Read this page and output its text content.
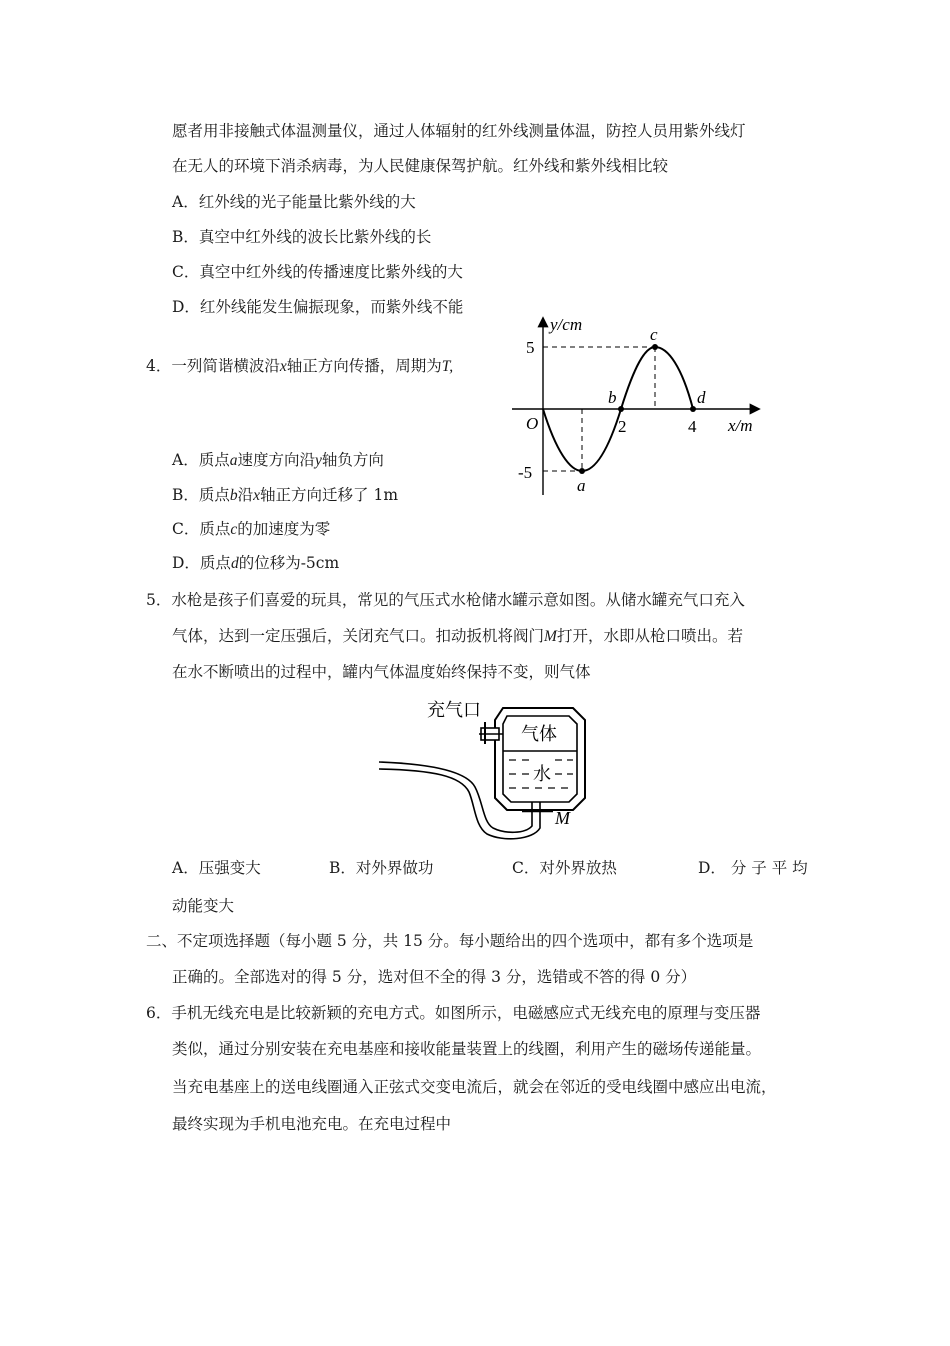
愿者用非接触式体温测量仪，通过人体辐射的红外线测量体温，防控人员用紫外线灯
在无人的环境下消杀病毒，为人民健康保驾护航。红外线和紫外线相比较
A．红外线的光子能量比紫外线的大
B．真空中红外线的波长比紫外线的长
C．真空中红外线的传播速度比紫外线的大
D．红外线能发生偏振现象，而紫外线不能
4．一列简谐横波沿x轴正方向传播，周期为T,
A．质点a速度方向沿y轴负方向
B．质点b沿x轴正方向迁移了 1m
C．质点c的加速度为零
D．质点d的位移为-5cm
y/cm
x/m
O
5
-5
2	4
a
b
c
d
5．水枪是孩子们喜爱的玩具，常见的气压式水枪储水罐示意如图。从储水罐充气口充入
气体，达到一定压强后，关闭充气口。扣动扳机将阀门M打开，水即从枪口喷出。若
在水不断喷出的过程中，罐内气体温度始终保持不变，则气体
充气口
气体
水
M
A．压强变大	B．对外界做功	C．对外界放热	D． 分 子 平 均
动能变大
二、不定项选择题（每小题 5 分，共 15 分。每小题给出的四个选项中，都有多个选项是
正确的。全部选对的得 5 分，选对但不全的得 3 分，选错或不答的得 0 分）
6．手机无线充电是比较新颖的充电方式。如图所示，电磁感应式无线充电的原理与变压器
类似，通过分别安装在充电基座和接收能量装置上的线圈，利用产生的磁场传递能量。
当充电基座上的送电线圈通入正弦式交变电流后，就会在邻近的受电线圈中感应出电流，
最终实现为手机电池充电。在充电过程中
